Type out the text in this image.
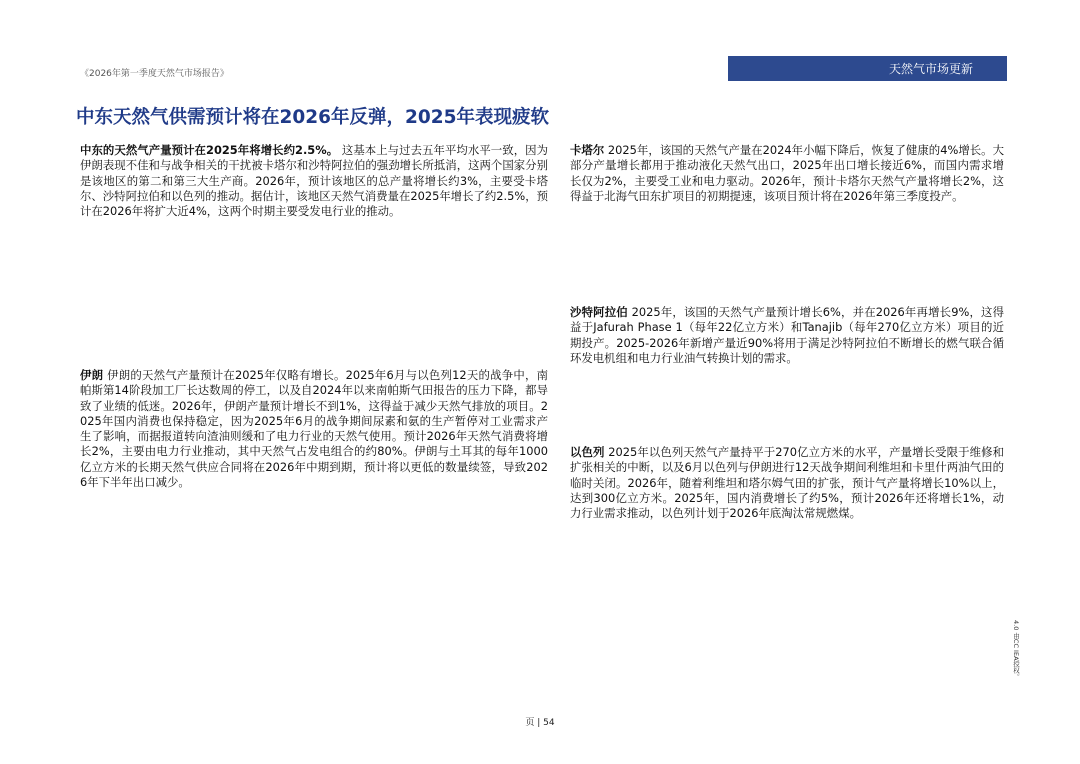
《2026年第一季度天然气市场报告》	天然气市场更新
中东天然气供需预计将在2026年反弹，2025年表现疲软

中东的天然气产量预计在2025年将增长约2.5%。 这基本上与过去五年平均水平一致，因为伊朗表现不佳和与战争相关的干扰被卡塔尔和沙特阿拉伯的强劲增长所抵消，这两个国家分别是该地区的第二和第三大生产商。2026年，预计该地区的总产量将增长约3%，主要受卡塔尔、沙特阿拉伯和以色列的推动。据估计，该地区天然气消费量在2025年增长了约2.5%，预计在2026年将扩大近4%，这两个时期主要受发电行业的推动。

伊朗 伊朗的天然气产量预计在2025年仅略有增长。2025年6月与以色列12天的战争中，南帕斯第14阶段加工厂长达数周的停工，以及自2024年以来南帕斯气田报告的压力下降，都导致了业绩的低迷。2026年，伊朗产量预计增长不到1%，这得益于减少天然气排放的项目。2025年国内消费也保持稳定，因为2025年6月的战争期间尿素和氨的生产暂停对工业需求产生了影响，而据报道转向渣油则缓和了电力行业的天然气使用。预计2026年天然气消费将增长2%，主要由电力行业推动，其中天然气占发电组合的约80%。伊朗与土耳其的每年1000亿立方米的长期天然气供应合同将在2026年中期到期，预计将以更低的数量续签，导致2026年下半年出口减少。

卡塔尔 2025年，该国的天然气产量在2024年小幅下降后，恢复了健康的4%增长。大部分产量增长都用于推动液化天然气出口，2025年出口增长接近6%，而国内需求增长仅为2%，主要受工业和电力驱动。2026年，预计卡塔尔天然气产量将增长2%，这得益于北海气田东扩项目的初期提速，该项目预计将在2026年第三季度投产。

沙特阿拉伯 2025年，该国的天然气产量预计增长6%，并在2026年再增长9%，这得益于Jafurah Phase 1（每年22亿立方米）和Tanajib（每年270亿立方米）项目的近期投产。2025-2026年新增产量近90%将用于满足沙特阿拉伯不断增长的燃气联合循环发电机组和电力行业油气转换计划的需求。

以色列 2025年以色列天然气产量持平于270亿立方米的水平，产量增长受限于维修和扩张相关的中断，以及6月以色列与伊朗进行12天战争期间利维坦和卡里什两油气田的临时关闭。2026年，随着利维坦和塔尔姆气田的扩张，预计气产量将增长10%以上，达到300亿立方米。2025年，国内消费增长了约5%，预计2026年还将增长1%，动力行业需求推动，以色列计划于2026年底淘汰常规燃煤。

页 | 54
4.0 由CC IEA授权。
